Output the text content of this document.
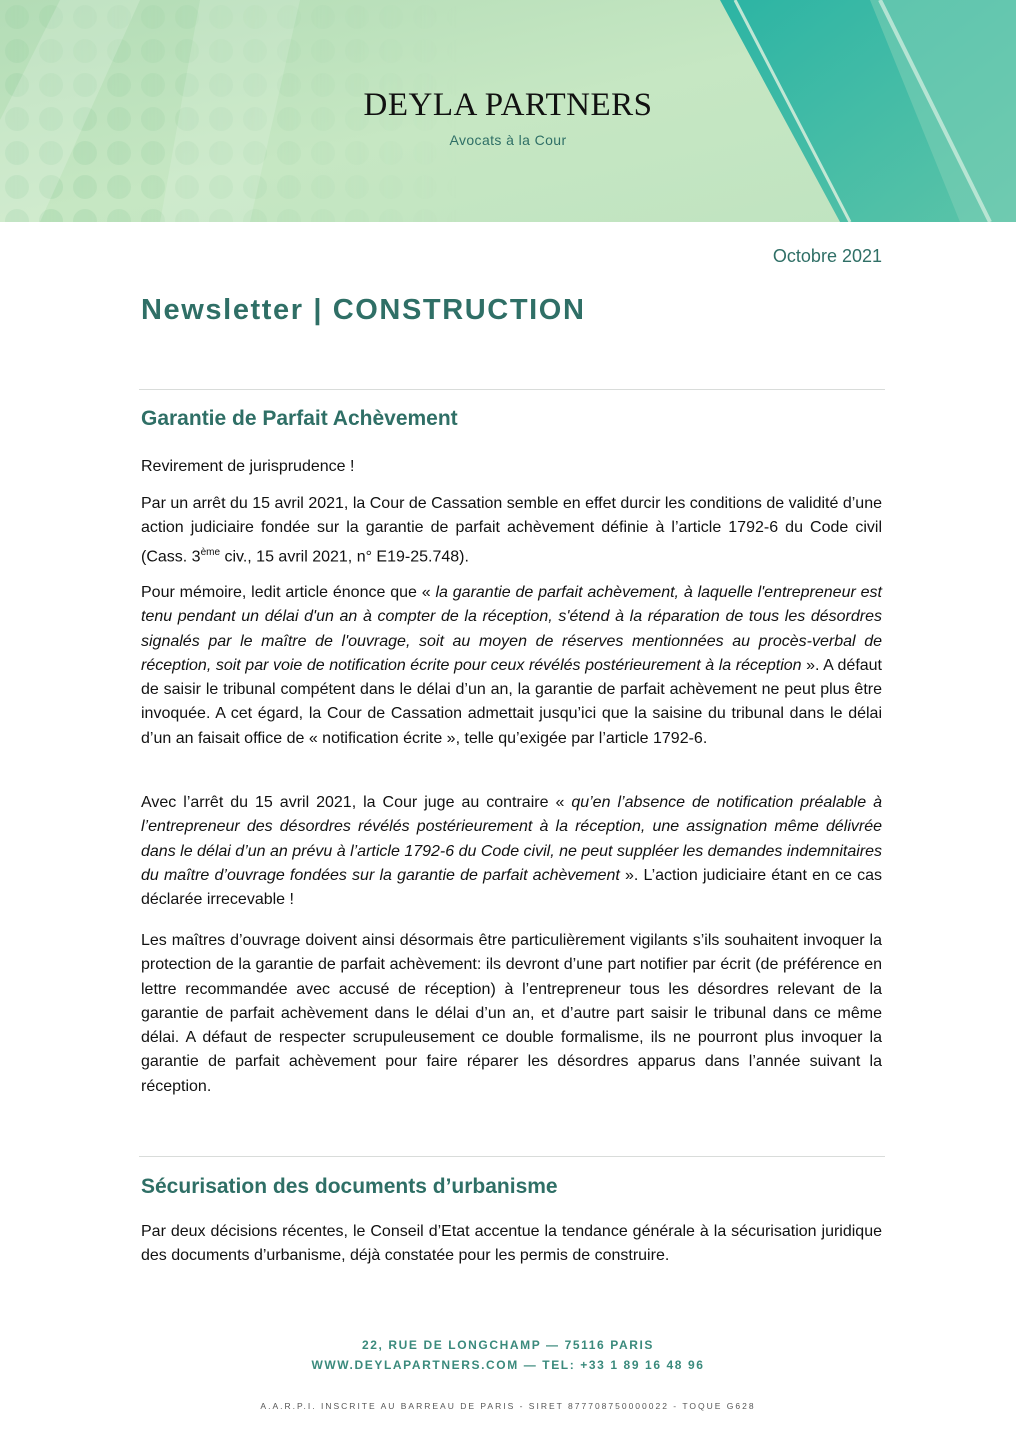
DEYLA PARTNERS
Avocats à la Cour
Octobre 2021
Newsletter | CONSTRUCTION
Garantie de Parfait Achèvement

Revirement de jurisprudence !

Par un arrêt du 15 avril 2021, la Cour de Cassation semble en effet durcir les conditions de validité d’une action judiciaire fondée sur la garantie de parfait achèvement définie à l’article 1792-6 du Code civil (Cass. 3ème civ., 15 avril 2021, n° E19-25.748).

Pour mémoire, ledit article énonce que « la garantie de parfait achèvement, à laquelle l'entrepreneur est tenu pendant un délai d'un an à compter de la réception, s'étend à la réparation de tous les désordres signalés par le maître de l'ouvrage, soit au moyen de réserves mentionnées au procès-verbal de réception, soit par voie de notification écrite pour ceux révélés postérieurement à la réception ». A défaut de saisir le tribunal compétent dans le délai d’un an, la garantie de parfait achèvement ne peut plus être invoquée. A cet égard, la Cour de Cassation admettait jusqu’ici que la saisine du tribunal dans le délai d’un an faisait office de « notification écrite », telle qu’exigée par l’article 1792-6.

Avec l’arrêt du 15 avril 2021, la Cour juge au contraire « qu’en l’absence de notification préalable à l’entrepreneur des désordres révélés postérieurement à la réception, une assignation même délivrée dans le délai d’un an prévu à l’article 1792-6 du Code civil, ne peut suppléer les demandes indemnitaires du maître d’ouvrage fondées sur la garantie de parfait achèvement ». L’action judiciaire étant en ce cas déclarée irrecevable !

Les maîtres d’ouvrage doivent ainsi désormais être particulièrement vigilants s’ils souhaitent invoquer la protection de la garantie de parfait achèvement: ils devront d’une part notifier par écrit (de préférence en lettre recommandée avec accusé de réception) à l’entrepreneur tous les désordres relevant de la garantie de parfait achèvement dans le délai d’un an, et d’autre part saisir le tribunal dans ce même délai. A défaut de respecter scrupuleusement ce double formalisme, ils ne pourront plus invoquer la garantie de parfait achèvement pour faire réparer les désordres apparus dans l’année suivant la réception.

Sécurisation des documents d’urbanisme

Par deux décisions récentes, le Conseil d’Etat accentue la tendance générale à la sécurisation juridique des documents d’urbanisme, déjà constatée pour les permis de construire.

22, RUE DE LONGCHAMP — 75116 PARIS
WWW.DEYLAPARTNERS.COM — TEL: +33 1 89 16 48 96
A.A.R.P.I. INSCRITE AU BARREAU DE PARIS - SIRET 877708750000022 - TOQUE G628
